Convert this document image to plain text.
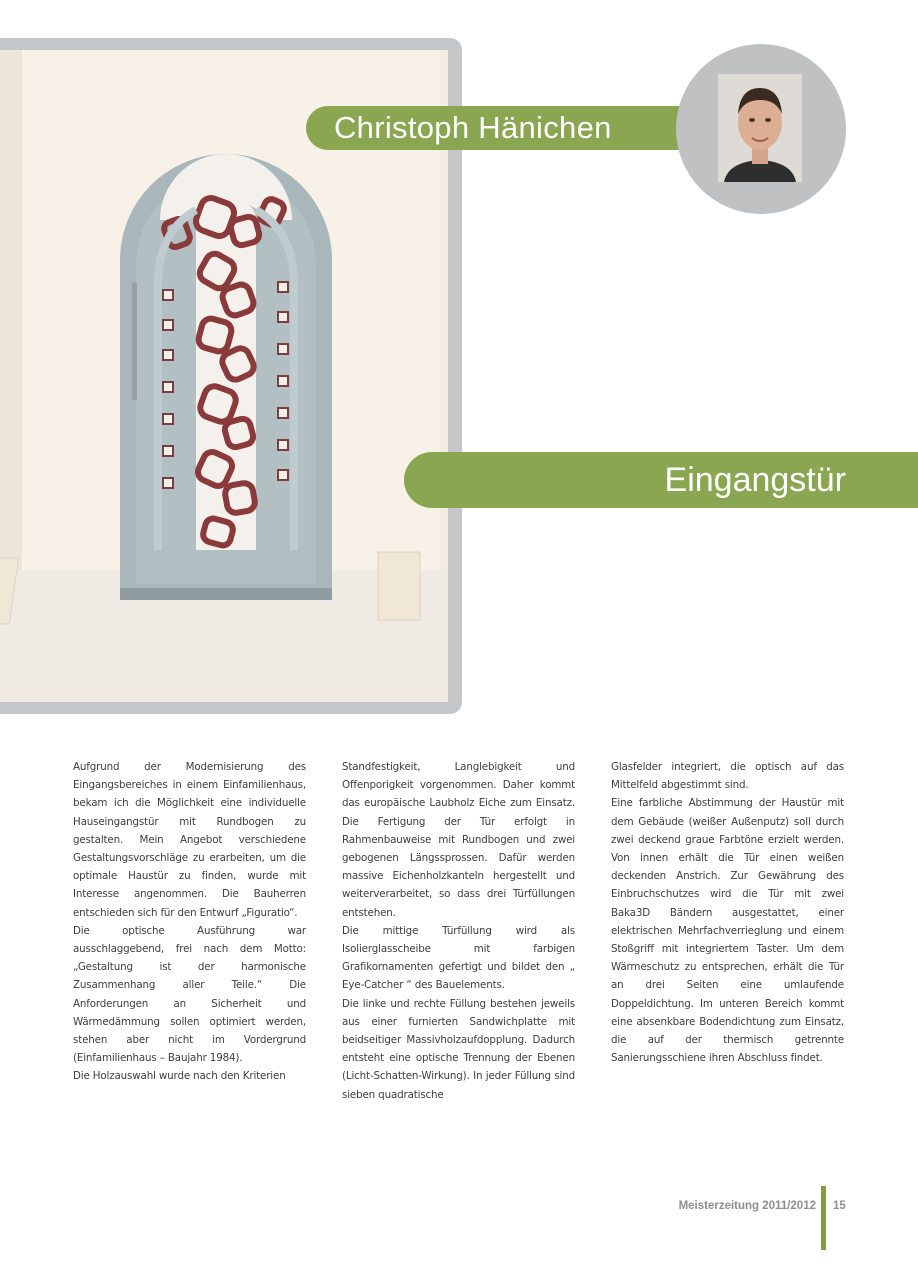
Christoph Hänichen
Eingangstür

Aufgrund der Modernisierung des Eingangsbereiches in einem Einfamilienhaus, bekam ich die Möglichkeit eine individuelle Hauseingangstür mit Rundbogen zu gestalten. Mein Angebot verschiedene Gestaltungsvorschläge zu erarbeiten, um die optimale Haustür zu finden, wurde mit Interesse angenommen. Die Bauherren entschieden sich für den Entwurf „Figuratio“.

Die optische Ausführung war ausschlaggebend, frei nach dem Motto: „Gestaltung ist der harmonische Zusammenhang aller Teile.“ Die Anforderungen an Sicherheit und Wärmedämmung sollen optimiert werden, stehen aber nicht im Vordergrund (Einfamilienhaus – Baujahr 1984).

Die Holzauswahl wurde nach den Kriterien

Standfestigkeit, Langlebigkeit und Offenporigkeit vorgenommen. Daher kommt das europäische Laubholz Eiche zum Einsatz. Die Fertigung der Tür erfolgt in Rahmenbauweise mit Rundbogen und zwei gebogenen Längssprossen. Dafür werden massive Eichenholzkanteln hergestellt und weiterverarbeitet, so dass drei Türfüllungen entstehen.

Die mittige Türfüllung wird als Isolierglasscheibe mit farbigen Grafikornamenten gefertigt und bildet den „ Eye-Catcher “ des Bauelements.

Die linke und rechte Füllung bestehen jeweils aus einer furnierten Sandwichplatte mit beidseitiger Massivholzaufdopplung. Dadurch entsteht eine optische Trennung der Ebenen (Licht-Schatten-Wirkung). In jeder Füllung sind sieben quadratische

Glasfelder integriert, die optisch auf das Mittelfeld abgestimmt sind.

Eine farbliche Abstimmung der Haustür mit dem Gebäude (weißer Außenputz) soll durch zwei deckend graue Farbtöne erzielt werden. Von innen erhält die Tür einen weißen deckenden Anstrich. Zur Gewährung des Einbruchschutzes wird die Tür mit zwei Baka3D Bändern ausgestattet, einer elektrischen Mehrfachverrieglung und einem Stoßgriff mit integriertem Taster. Um dem Wärmeschutz zu entsprechen, erhält die Tür an drei Seiten eine umlaufende Doppeldichtung. Im unteren Bereich kommt eine absenkbare Bodendichtung zum Einsatz, die auf der thermisch getrennte Sanierungsschiene ihren Abschluss findet.

Meisterzeitung 2011/2012 15
